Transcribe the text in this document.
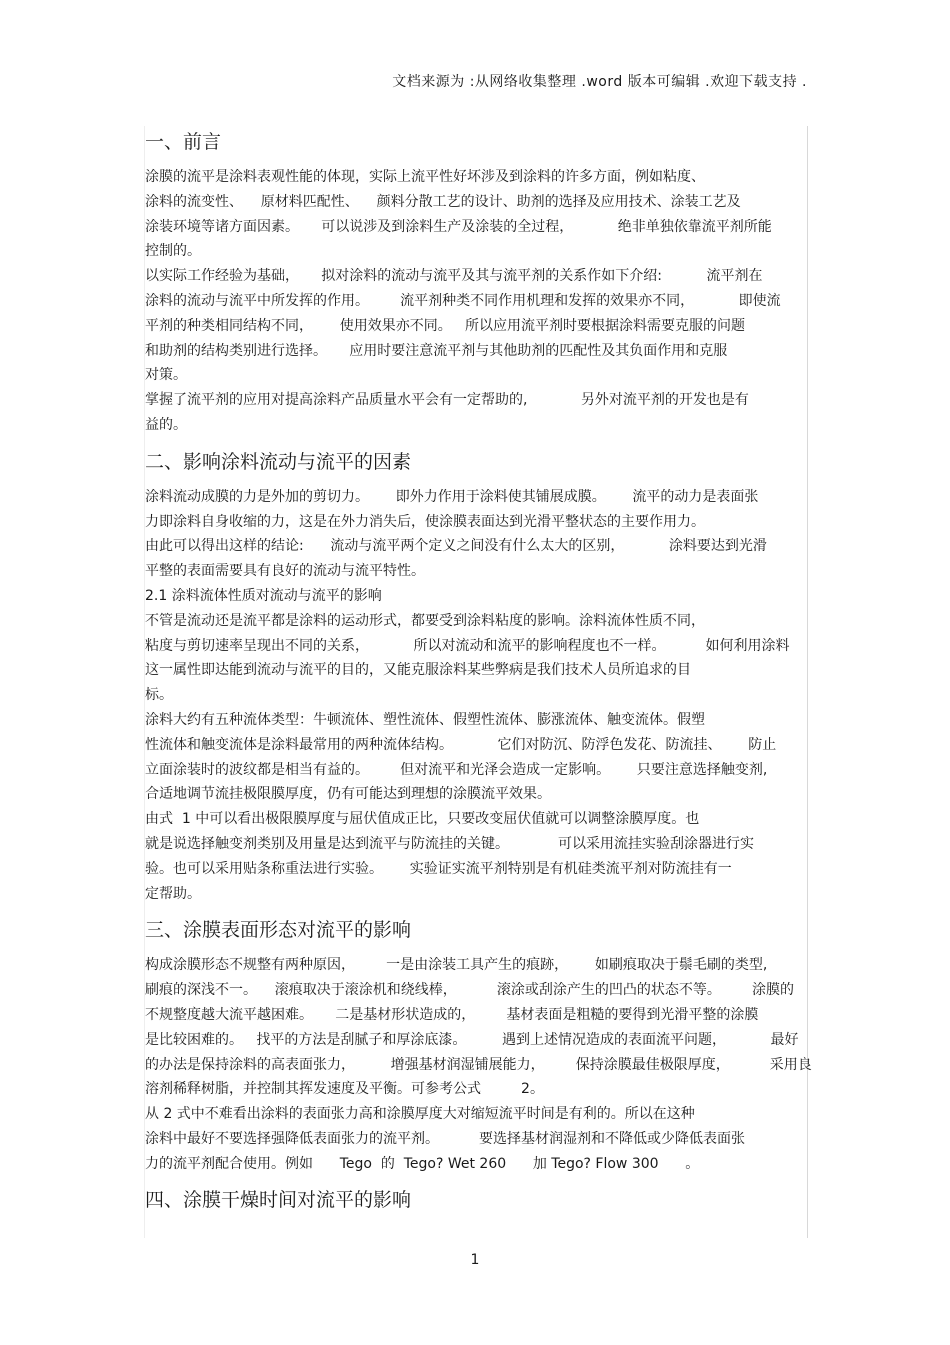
文档来源为 :从网络收集整理 .word 版本可编辑 .欢迎下载支持 .
一、前言

涂膜的流平是涂料表观性能的体现，实际上流平性好坏涉及到涂料的许多方面，例如粘度、

涂料的流变性、    原材料匹配性、    颜料分散工艺的设计、助剂的选择及应用技术、涂装工艺及

涂装环境等诸方面因素。     可以说涉及到涂料生产及涂装的全过程，          绝非单独依靠流平剂所能

控制的。

以实际工作经验为基础，     拟对涂料的流动与流平及其与流平剂的关系作如下介绍:          流平剂在

涂料的流动与流平中所发挥的作用。       流平剂种类不同作用机理和发挥的效果亦不同，          即使流

平剂的种类相同结构不同，      使用效果亦不同。   所以应用流平剂时要根据涂料需要克服的问题

和助剂的结构类别进行选择。     应用时要注意流平剂与其他助剂的匹配性及其负面作用和克服

对策。

掌握了流平剂的应用对提高涂料产品质量水平会有一定帮助的,            另外对流平剂的开发也是有

益的。

二、影响涂料流动与流平的因素

涂料流动成膜的力是外加的剪切力。      即外力作用于涂料使其铺展成膜。      流平的动力是表面张

力即涂料自身收缩的力，这是在外力消失后，使涂膜表面达到光滑平整状态的主要作用力。

由此可以得出这样的结论:      流动与流平两个定义之间没有什么太大的区别，          涂料要达到光滑

平整的表面需要具有良好的流动与流平特性。

2.1 涂料流体性质对流动与流平的影响

不管是流动还是流平都是涂料的运动形式，都要受到涂料粘度的影响。涂料流体性质不同，

粘度与剪切速率呈现出不同的关系，          所以对流动和流平的影响程度也不一样。         如何利用涂料

这一属性即达能到流动与流平的目的，又能克服涂料某些弊病是我们技术人员所追求的目

标。

涂料大约有五种流体类型：牛顿流体、塑性流体、假塑性流体、膨涨流体、触变流体。假塑

性流体和触变流体是涂料最常用的两种流体结构。          它们对防沉、防浮色发花、防流挂、      防止

立面涂装时的波纹都是相当有益的。       但对流平和光泽会造成一定影响。      只要注意选择触变剂,

合适地调节流挂极限膜厚度，仍有可能达到理想的涂膜流平效果。

由式  1 中可以看出极限膜厚度与屈伏值成正比，只要改变屈伏值就可以调整涂膜厚度。也

就是说选择触变剂类别及用量是达到流平与防流挂的关键。           可以采用流挂实验刮涂器进行实

验。也可以采用贴条称重法进行实验。      实验证实流平剂特别是有机硅类流平剂对防流挂有一

定帮助。

三、涂膜表面形态对流平的影响

构成涂膜形态不规整有两种原因，       一是由涂装工具产生的痕跡，      如刷痕取决于鬃毛刷的类型,

刷痕的深浅不一。    滚痕取决于滚涂机和绕线棒，         滚涂或刮涂产生的凹凸的状态不等。       涂膜的

不规整度越大流平越困难。     二是基材形状造成的，       基材表面是粗糙的要得到光滑平整的涂膜

是比较困难的。   找平的方法是刮腻子和厚涂底漆。        遇到上述情况造成的表面流平问题，          最好

的办法是保持涂料的高表面张力，        增强基材润湿铺展能力，       保持涂膜最佳极限厚度，         采用良

溶剂稀释树脂，并控制其挥发速度及平衡。可参考公式         2。

从 2 式中不难看出涂料的表面张力高和涂膜厚度大对缩短流平时间是有利的。所以在这种

涂料中最好不要选择强降低表面张力的流平剂。         要选择基材润湿剂和不降低或少降低表面张

力的流平剂配合使用。例如      Tego  的  Tego? Wet 260      加 Tego? Flow 300      。

四、涂膜干燥时间对流平的影响
1
